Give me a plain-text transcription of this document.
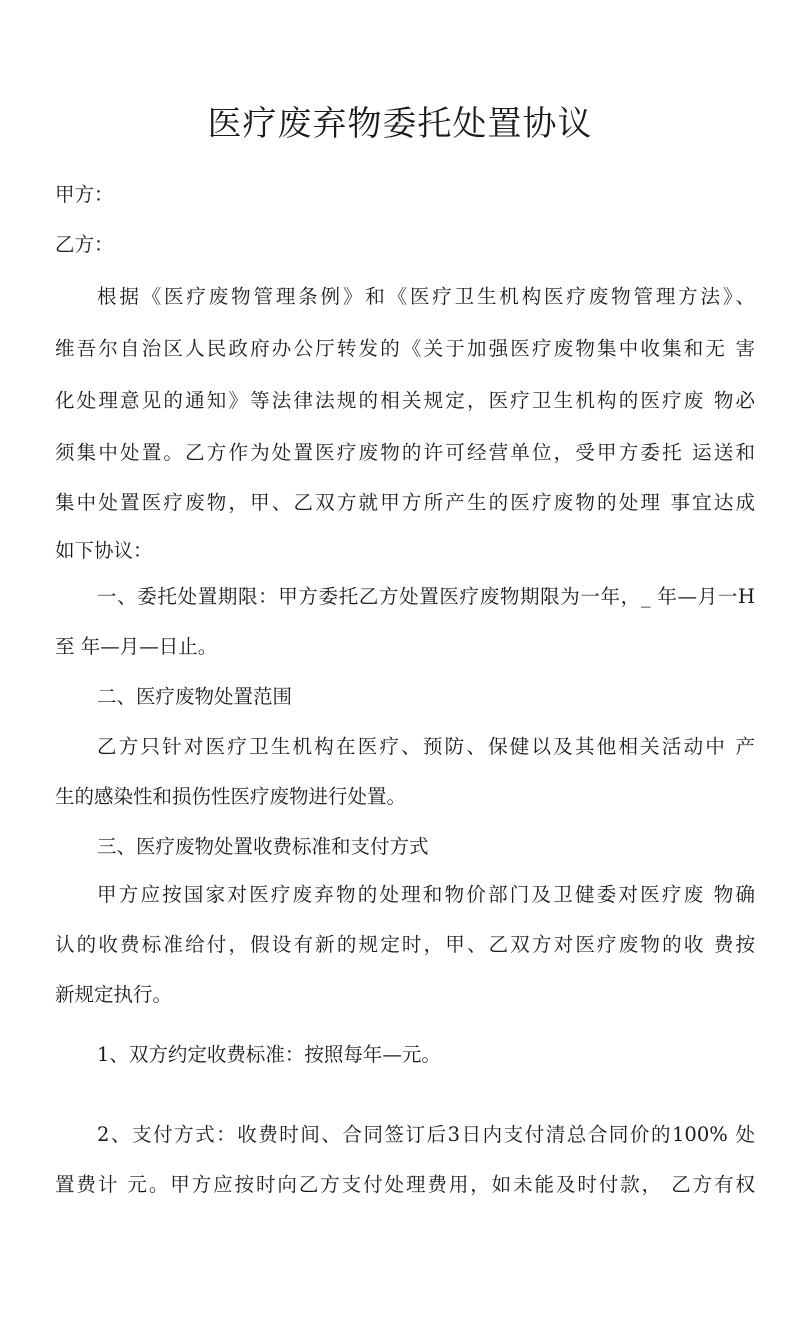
医疗废弃物委托处置协议
甲方：
乙方：
根据《医疗废物管理条例》和《医疗卫生机构医疗废物管理方法》、
维吾尔自治区人民政府办公厅转发的《关于加强医疗废物集中收集和无 害
化处理意见的通知》等法律法规的相关规定，医疗卫生机构的医疗废 物必
须集中处置。乙方作为处置医疗废物的许可经营单位，受甲方委托 运送和
集中处置医疗废物，甲、乙双方就甲方所产生的医疗废物的处理 事宜达成
如下协议：
一、委托处置期限：甲方委托乙方处置医疗废物期限为一年，_ 年—月一H
至 年—月—日止。
二、医疗废物处置范围
乙方只针对医疗卫生机构在医疗、预防、保健以及其他相关活动中 产
生的感染性和损伤性医疗废物进行处置。
三、医疗废物处置收费标准和支付方式
甲方应按国家对医疗废弃物的处理和物价部门及卫健委对医疗废 物确
认的收费标准给付，假设有新的规定时，甲、乙双方对医疗废物的收 费按
新规定执行。
1、双方约定收费标准：按照每年—元。
2、支付方式：收费时间、合同签订后3日内支付清总合同价的100% 处
置费计 元。甲方应按时向乙方支付处理费用，如未能及时付款， 乙方有权
